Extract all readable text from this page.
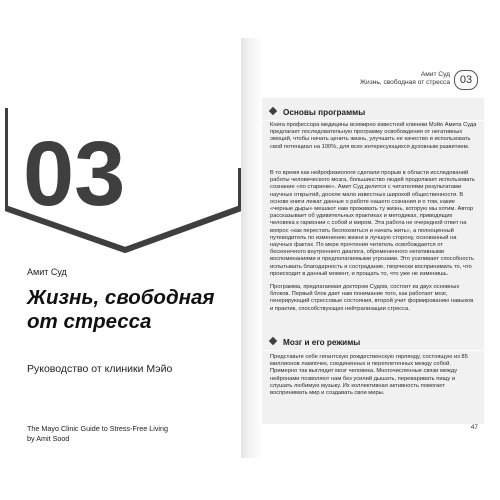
03
Амит Суд
Жизнь, свободная
от стресса
Руководство от клиники Мэйо
The Mayo Clinic Guide to Stress-Free Living
by Amit Sood
Амит Суд
Жизнь, свободная от стресса 03
Основы программы

Книга профессора медицины всемирно известной клиники Мэйо Амита Суда предлагает последовательную программу освобождения от негативных эмоций, чтобы начать ценить жизнь, улучшить ее качество и использовать свой потенциал на 100%, для всех интересующихся духовным развитием.

В то время как нейрофизиологи сделали прорыв в области исследований работы человеческого мозга, большинство людей продолжает использовать сознание «по старинке». Амит Суд делится с читателями результатами научных открытий, доселе мало известных широкой общественности. В основе книги лежат данные о работе нашего сознания и о том, какие «черные дыры» мешают нам проживать ту жизнь, которую мы хотим. Автор рассказывает об удивительных практиках и методиках, приводящих человека к гармонии с собой и миром. Эта работа не очередной ответ на вопрос «как перестать беспокоиться и начать жить», а полноценный путеводитель по изменению жизни в лучшую сторону, основанный на научных фактах. По мере прочтения читатель освобождается от бесконечного внутреннего диалога, обремененного негативными воспоминаниями и предполагаемыми угрозами. Это усиливает способность испытывать благодарность и сострадание, творчески воспринимать то, что происходит в данный момент, и прощать то, что уже не изменишь.

Программа, предлагаемая доктором Судом, состоит из двух основных блоков. Первый блок дает нам понимание того, как работает мозг, генерирующий стрессовые состояния, второй учит формированию навыков и практик, способствующих нейтрализации стресса.

Мозг и его режимы

Представьте себе гигантскую рождественскую гирлянду, состоящую из 85 миллионов лампочек, соединенных и переплетенных между собой. Примерно так выглядит мозг человека. Многочисленные связи между нейронами позволяют нам без усилий дышать, переваривать пищу и слушать любимую музыку. Их коллективная активность помогает воспринимать мир и создавать свои миры.

47
